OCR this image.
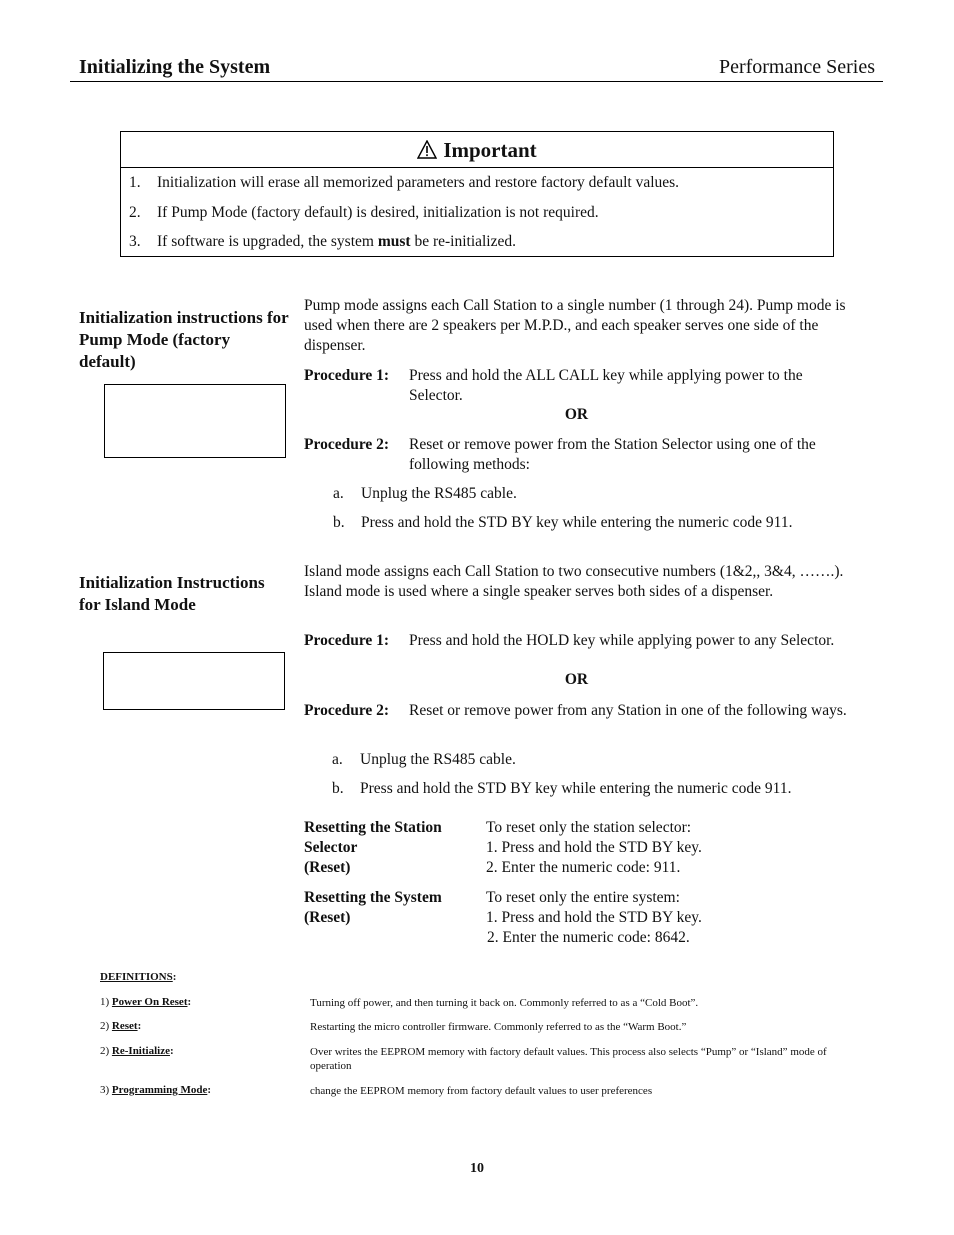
Initializing the System	Performance Series
Important
1. Initialization will erase all memorized parameters and restore factory default values.
2. If Pump Mode (factory default) is desired, initialization is not required.
3. If software is upgraded, the system must be re-initialized.
Initialization instructions for Pump Mode (factory default)
Pump mode assigns each Call Station to a single number (1 through 24). Pump mode is used when there are 2 speakers per M.P.D., and each speaker serves one side of the dispenser.
Procedure 1: Press and hold the ALL CALL key while applying power to the Selector.
OR
Procedure 2: Reset or remove power from the Station Selector using one of the following methods:
a. Unplug the RS485 cable.
b. Press and hold the STD BY key while entering the numeric code 911.
Initialization Instructions for Island Mode
Island mode assigns each Call Station to two consecutive numbers (1&2,, 3&4, …….). Island mode is used where a single speaker serves both sides of a dispenser.
Procedure 1: Press and hold the HOLD key while applying power to any Selector.
OR
Procedure 2: Reset or remove power from any Station in one of the following ways.
a. Unplug the RS485 cable.
b. Press and hold the STD BY key while entering the numeric code 911.
Resetting the Station
Selector
(Reset)
To reset only the station selector:
1. Press and hold the STD BY key.
2. Enter the numeric code: 911.
Resetting the System
(Reset)
To reset only the entire system:
1. Press and hold the STD BY key.
2. Enter the numeric code: 8642.
DEFINITIONS:
1) Power On Reset:	Turning off power, and then turning it back on. Commonly referred to as a “Cold Boot”.
2) Reset:	Restarting the micro controller firmware. Commonly referred to as the “Warm Boot.”
2) Re-Initialize:	Over writes the EEPROM memory with factory default values. This process also selects “Pump” or “Island” mode of operation
3) Programming Mode:	change the EEPROM memory from factory default values to user preferences
10
